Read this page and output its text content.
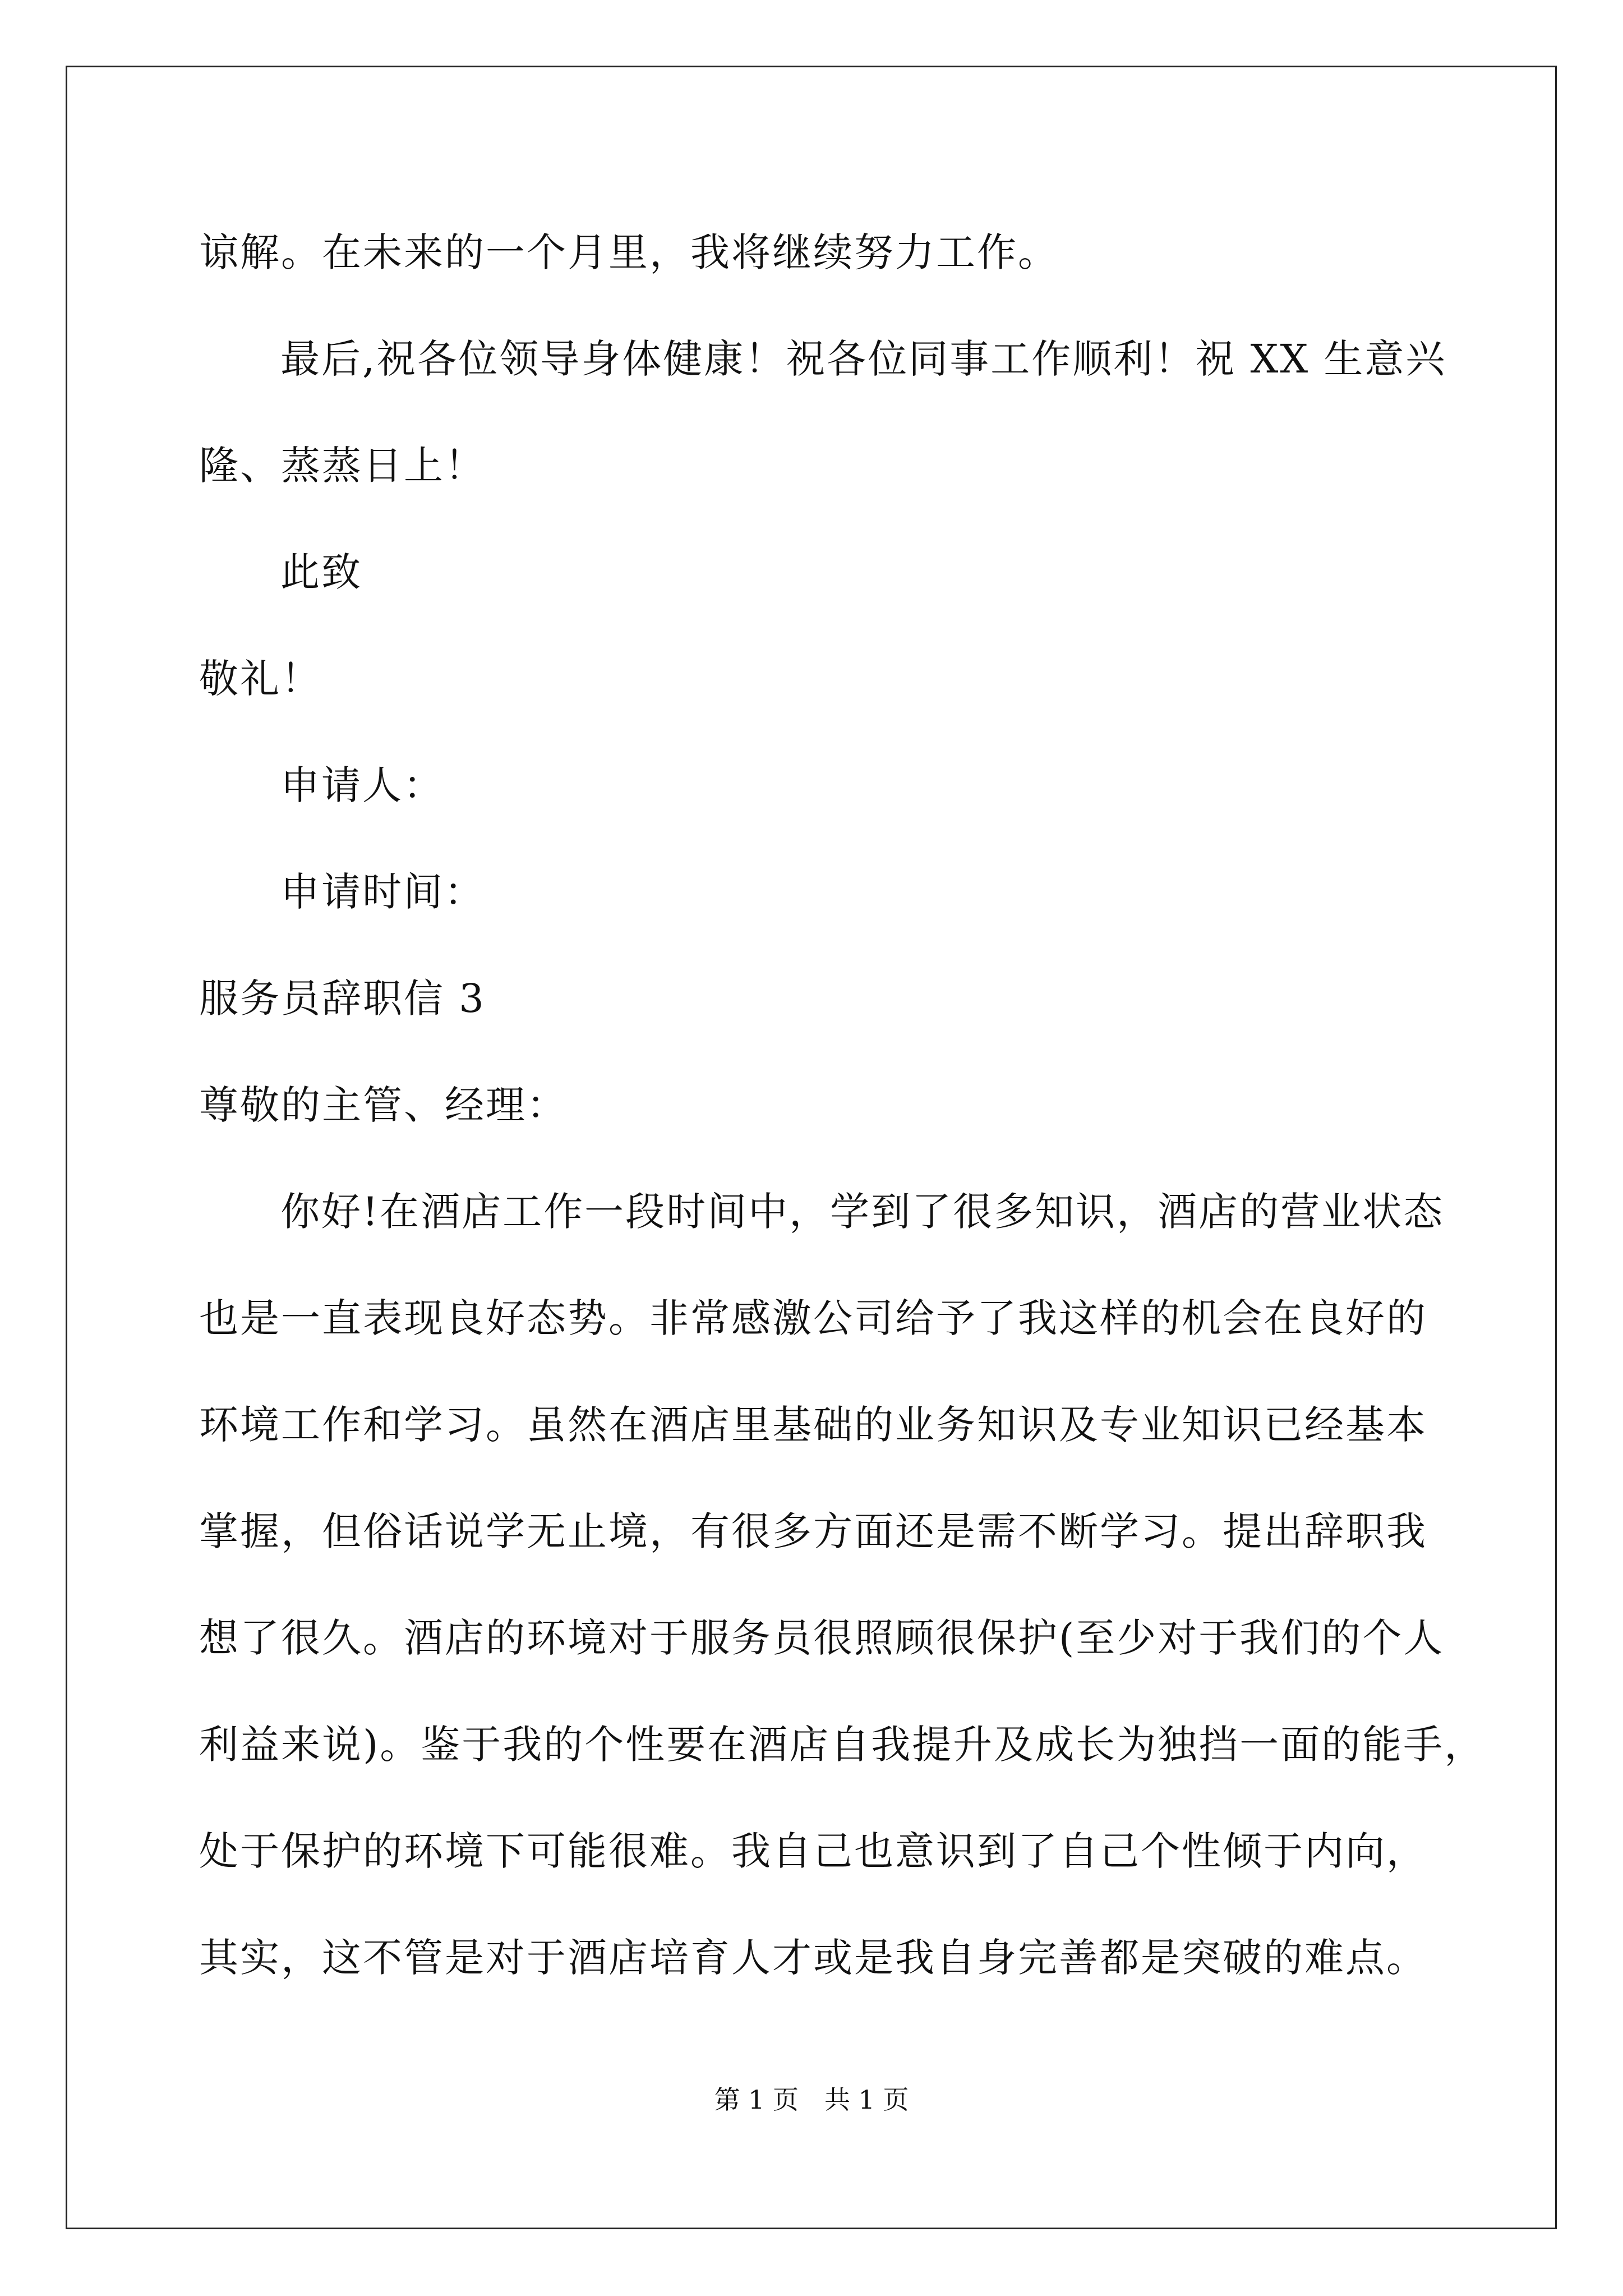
谅解。在未来的一个月里，我将继续努力工作。
最后,祝各位领导身体健康！祝各位同事工作顺利！祝 XX 生意兴
隆、蒸蒸日上！
此致
敬礼！
申请人：
申请时间：
服务员辞职信 3
尊敬的主管、经理：
你好!在酒店工作一段时间中，学到了很多知识，酒店的营业状态
也是一直表现良好态势。非常感激公司给予了我这样的机会在良好的
环境工作和学习。虽然在酒店里基础的业务知识及专业知识已经基本
掌握，但俗话说学无止境，有很多方面还是需不断学习。提出辞职我
想了很久。酒店的环境对于服务员很照顾很保护(至少对于我们的个人
利益来说)。鉴于我的个性要在酒店自我提升及成长为独挡一面的能手，
处于保护的环境下可能很难。我自己也意识到了自己个性倾于内向，
其实，这不管是对于酒店培育人才或是我自身完善都是突破的难点。
第 1 页　共 1 页
